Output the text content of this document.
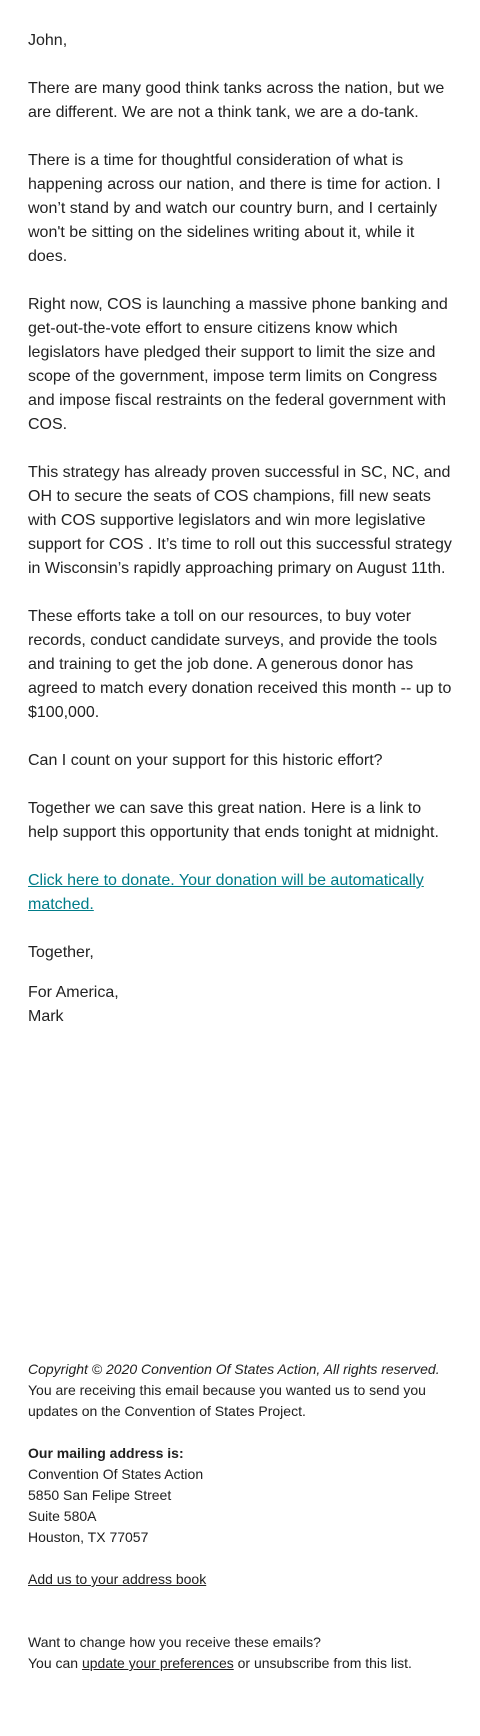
John,

There are many good think tanks across the nation, but we are different. We are not a think tank, we are a do-tank.

There is a time for thoughtful consideration of what is happening across our nation, and there is time for action. I won’t stand by and watch our country burn, and I certainly won't be sitting on the sidelines writing about it, while it does.

Right now, COS is launching a massive phone banking and get-out-the-vote effort to ensure citizens know which legislators have pledged their support to limit the size and scope of the government, impose term limits on Congress and impose fiscal restraints on the federal government with COS.

This strategy has already proven successful in SC, NC, and OH to secure the seats of COS champions, fill new seats with COS supportive legislators and win more legislative support for COS . It’s time to roll out this successful strategy in Wisconsin’s rapidly approaching primary on August 11th.

These efforts take a toll on our resources, to buy voter records, conduct candidate surveys, and provide the tools and training to get the job done. A generous donor has agreed to match every donation received this month -- up to $100,000.

Can I count on your support for this historic effort?

Together we can save this great nation. Here is a link to help support this opportunity that ends tonight at midnight.

Click here to donate. Your donation will be automatically matched.

Together,

For America,
Mark

Copyright © 2020 Convention Of States Action, All rights reserved.
You are receiving this email because you wanted us to send you updates on the Convention of States Project.
Our mailing address is:
Convention Of States Action
5850 San Felipe Street
Suite 580A
Houston, TX 77057
Add us to your address book
Want to change how you receive these emails?
You can update your preferences or unsubscribe from this list.
